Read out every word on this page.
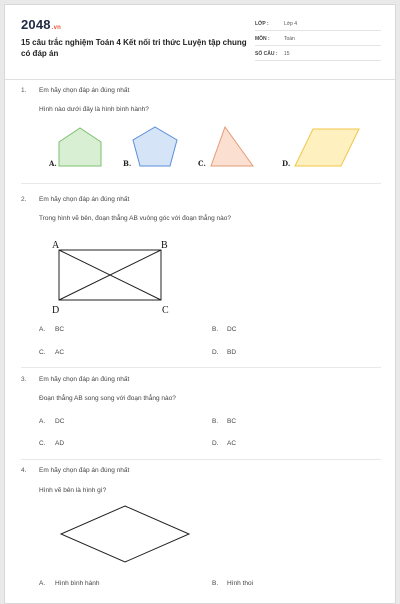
2048.vn
15 câu trắc nghiệm Toán 4 Kết nối tri thức Luyện tập chung có đáp án
LỚP :	Lớp 4
MÔN :	Toán
SỐ CÂU : 15
1. Em hãy chọn đáp án đúng nhất
Hình nào dưới đây là hình bình hành?
A.	B.	C.	D.
2. Em hãy chọn đáp án đúng nhất
Trong hình vẽ bên, đoạn thẳng AB vuông góc với đoạn thẳng nào?
A	B
C
D
A. BC	B. DC
C. AC	D. BD
3. Em hãy chọn đáp án đúng nhất
Đoạn thẳng AB song song với đoạn thẳng nào?
A. DC	B. BC
C. AD	D. AC
4. Em hãy chọn đáp án đúng nhất
Hình vẽ bên là hình gì?
A. Hình bình hành	B. Hình thoi
